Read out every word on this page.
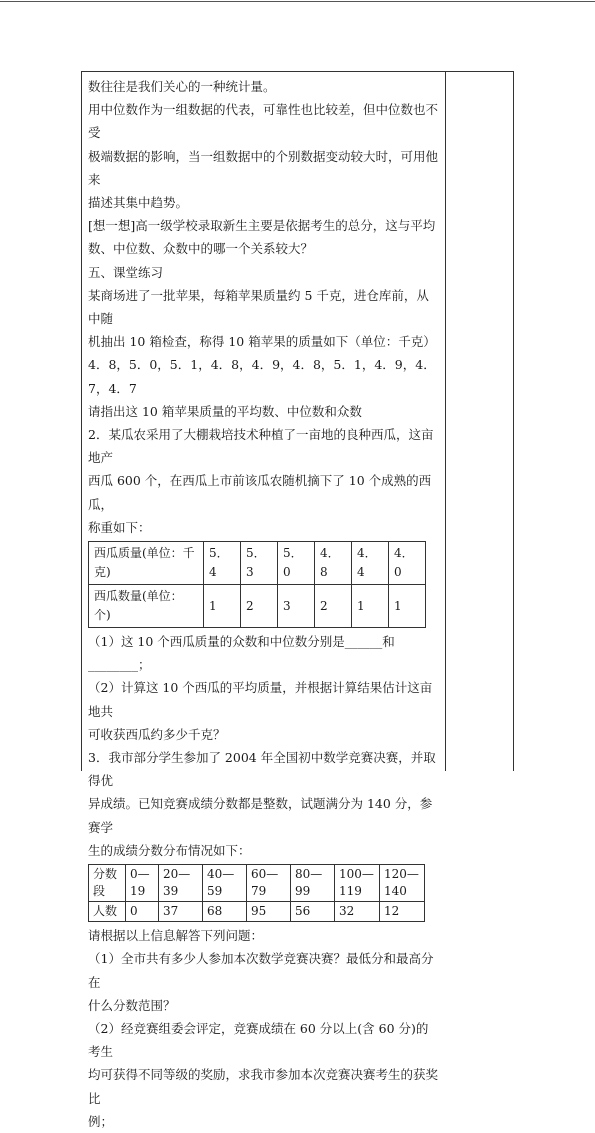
数往往是我们关心的一种统计量。

用中位数作为一组数据的代表，可靠性也比较差，但中位数也不受

极端数据的影响，当一组数据中的个别数据变动较大时，可用他来

描述其集中趋势。

[想一想]高一级学校录取新生主要是依据考生的总分，这与平均

数、中位数、众数中的哪一个关系较大？

五、课堂练习

某商场进了一批苹果，每箱苹果质量约 5 千克，进仓库前，从中随

机抽出 10 箱检查，称得 10 箱苹果的质量如下（单位：千克）

4．8，5．0，5．1，4．8，4．9，4．8，5．1，4．9，4．7，4．7

请指出这 10 箱苹果质量的平均数、中位数和众数

2．某瓜农采用了大棚栽培技术种植了一亩地的良种西瓜，这亩地产

西瓜 600 个，在西瓜上市前该瓜农随机摘下了 10 个成熟的西瓜，

称重如下：

西瓜质量(单位：千克)	5．4	5．3	5．0	4．8	4．4	4．0
西瓜数量(单位：个)	1	2	3	2	1	1

（1）这 10 个西瓜质量的众数和中位数分别是______和________；

（2）计算这 10 个西瓜的平均质量，并根据计算结果估计这亩地共

可收获西瓜约多少千克？

3．我市部分学生参加了 2004 年全国初中数学竞赛决赛，并取得优

异成绩。已知竞赛成绩分数都是整数，试题满分为 140 分，参赛学

生的成绩分数分布情况如下：

分数段	0—19	20—39	40—59	60—79	80—99	100—119	120—140
人数	0	37	68	95	56	32	12

请根据以上信息解答下列问题：

（1）全市共有多少人参加本次数学竞赛决赛？最低分和最高分在

什么分数范围？

（2）经竞赛组委会评定，竞赛成绩在 60 分以上(含 60 分)的考生

均可获得不同等级的奖励，求我市参加本次竞赛决赛考生的获奖比

例；
